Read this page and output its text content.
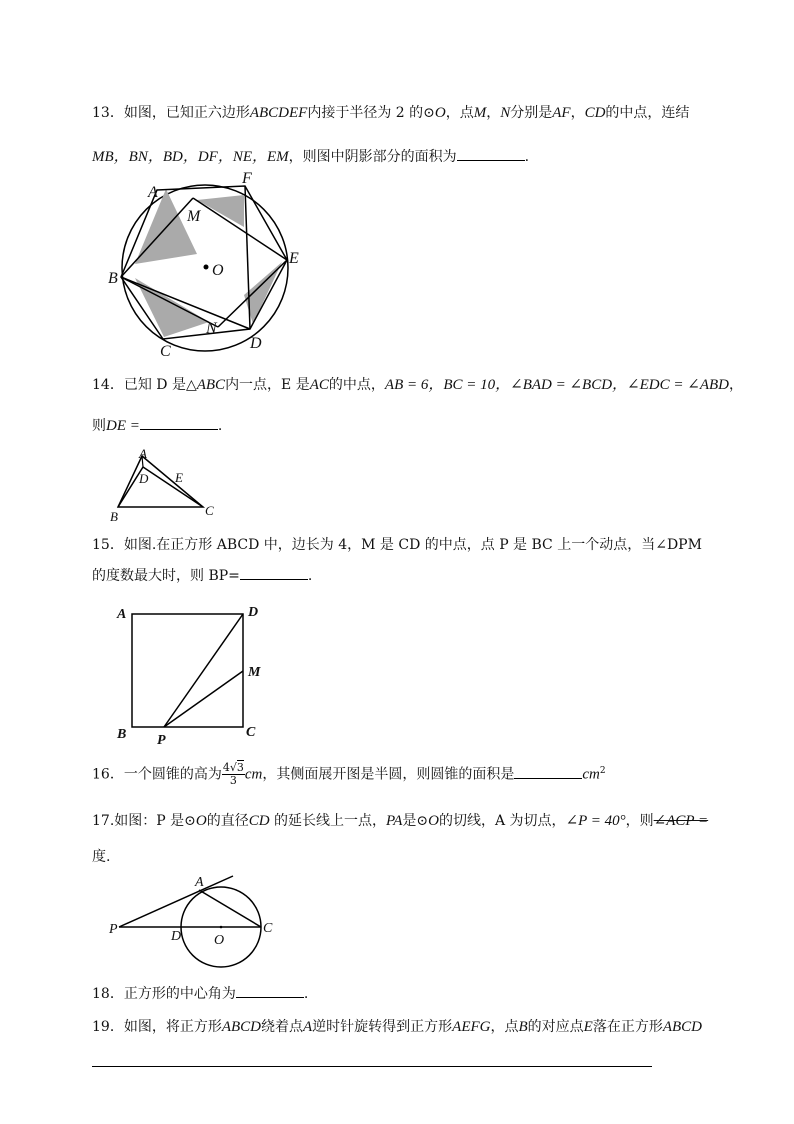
13．如图，已知正六边形ABCDEF内接于半径为 2 的⊙O，点M，N分别是AF，CD的中点，连结
MB，BN，BD，DF，NE，EM，则图中阴影部分的面积为	.
A
F
M
O
E
B
N
D
C
14．已知 D 是△ABC内一点，E 是AC的中点，AB = 6，BC = 10，∠BAD = ∠BCD，∠EDC = ∠ABD，
则DE =	.
A
D E
B	C
15．如图.在正方形 ABCD 中，边长为 4，M 是 CD 的中点，点 P 是 BC 上一个动点，当∠DPM
的度数最大时，则 BP=	.
A	D
M
B P
C
16．一个圆锥的高为 $\frac{4√3}{3}$ cm，其侧面展开图是半圆，则圆锥的面积是	$cm^2$
17.如图：P 是⊙O的直径CD 的延长线上一点，PA是⊙O的切线，A 为切点，∠P = 40°，则∠ACP =
度.
A
P	D O
C
18．正方形的中心角为	.
19．如图，将正方形ABCD绕着点A逆时针旋转得到正方形AEFG，点B的对应点E落在正方形ABCD
